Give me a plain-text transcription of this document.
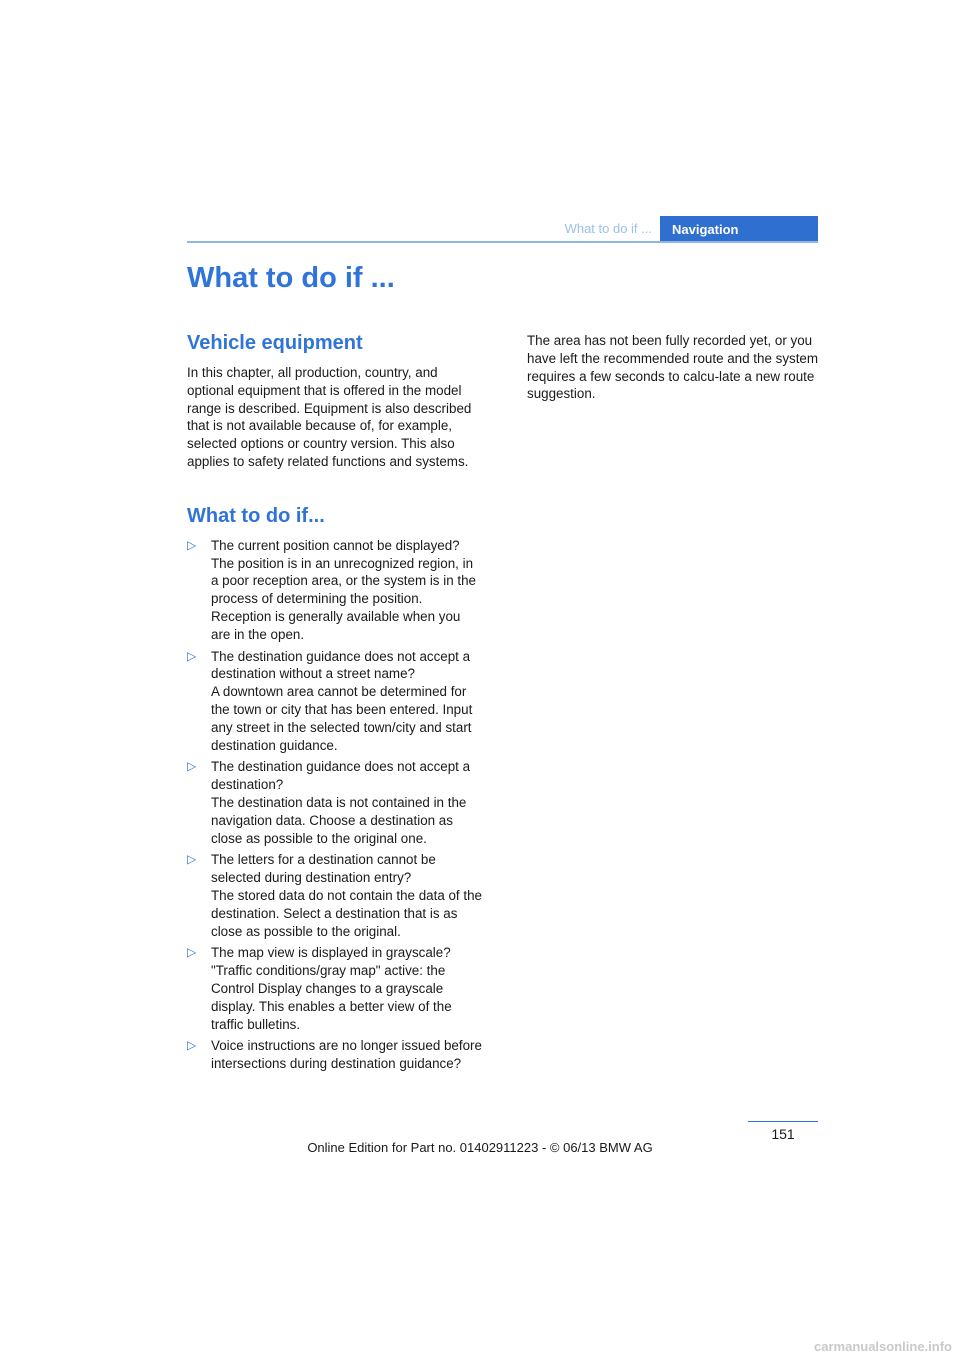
What to do if ...	Navigation
What to do if ...
Vehicle equipment

In this chapter, all production, country, and optional equipment that is offered in the model range is described. Equipment is also described that is not available because of, for example, selected options or country version. This also applies to safety related functions and systems.

What to do if...
▷ The current position cannot be displayed?
The position is in an unrecognized region, in a poor reception area, or the system is in the process of determining the position. Reception is generally available when you are in the open.
▷ The destination guidance does not accept a destination without a street name?
A downtown area cannot be determined for the town or city that has been entered. Input any street in the selected town/city and start destination guidance.
▷ The destination guidance does not accept a destination?
The destination data is not contained in the navigation data. Choose a destination as close as possible to the original one.
▷ The letters for a destination cannot be selected during destination entry?
The stored data do not contain the data of the destination. Select a destination that is as close as possible to the original.
▷ The map view is displayed in grayscale?
"Traffic conditions/gray map" active: the Control Display changes to a grayscale display. This enables a better view of the traffic bulletins.
▷ Voice instructions are no longer issued before intersections during destination guidance?

The area has not been fully recorded yet, or you have left the recommended route and the system requires a few seconds to calcu-late a new route suggestion.

151
Online Edition for Part no. 01402911223 - © 06/13 BMW AG
carmanualsonline.info
